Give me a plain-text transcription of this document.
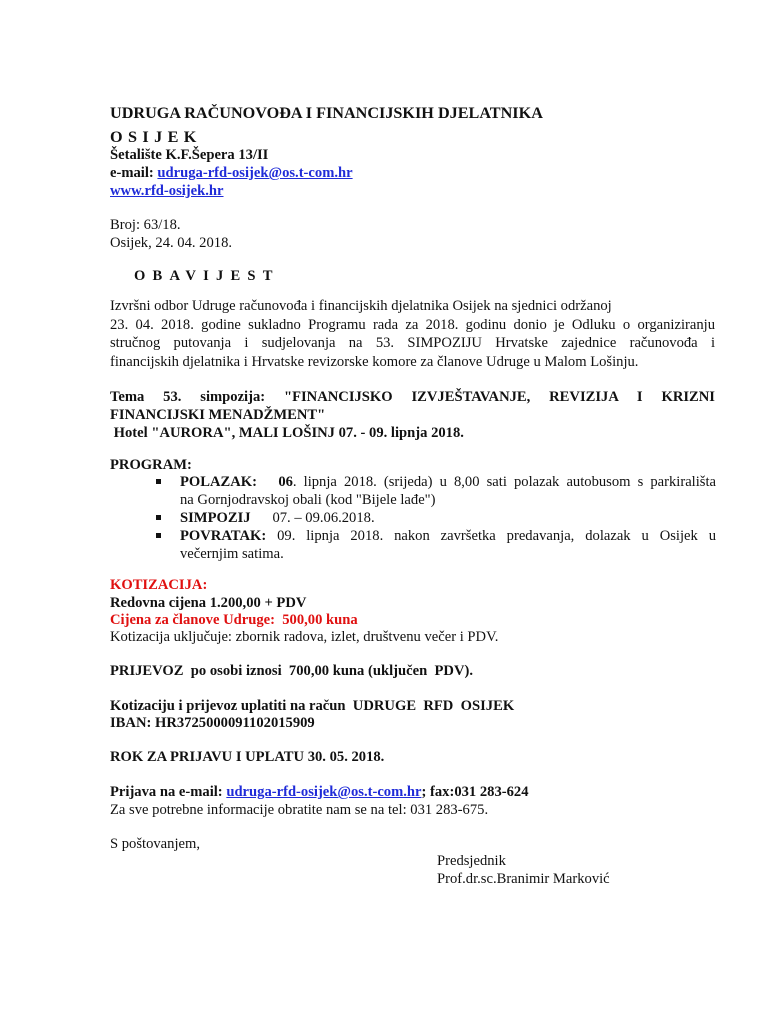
UDRUGA RAČUNOVOĐA I FINANCIJSKIH DJELATNIKA
OSIJEK
Šetalište K.F.Šepera 13/II
e-mail: udruga-rfd-osijek@os.t-com.hr
www.rfd-osijek.hr
Broj: 63/18.
Osijek, 24. 04. 2018.
OBAVIJEST
Izvršni odbor Udruge računovođa i financijskih djelatnika Osijek na sjednici održanoj
23. 04. 2018. godine sukladno Programu rada za 2018. godinu donio je Odluku o organiziranju
stručnog putovanja i sudjelovanja na 53. SIMPOZIJU Hrvatske zajednice računovođa i
financijskih djelatnika i Hrvatske revizorske komore za članove Udruge u Malom Lošinju.
Tema 53. simpozija: "FINANCIJSKO IZVJEŠTAVANJE, REVIZIJA I KRIZNI
FINANCIJSKI MENADŽMENT"
Hotel "AURORA", MALI LOŠINJ 07. - 09. lipnja 2018.
PROGRAM:
POLAZAK: 06. lipnja 2018. (srijeda) u 8,00 sati polazak autobusom s parkirališta
na Gornjodravskoj obali (kod "Bijele lađe")
SIMPOZIJ 07. – 09.06.2018.
POVRATAK: 09. lipnja 2018. nakon završetka predavanja, dolazak u Osijek u
večernjim satima.
KOTIZACIJA:
Redovna cijena 1.200,00 + PDV
Cijena za članove Udruge:  500,00 kuna
Kotizacija uključuje: zbornik radova, izlet, društvenu večer i PDV.
PRIJEVOZ  po osobi iznosi  700,00 kuna (uključen  PDV).
Kotizaciju i prijevoz uplatiti na račun  UDRUGE  RFD  OSIJEK
IBAN: HR3725000091102015909
ROK ZA PRIJAVU I UPLATU 30. 05. 2018.
Prijava na e-mail: udruga-rfd-osijek@os.t-com.hr; fax:031 283-624
Za sve potrebne informacije obratite nam se na tel: 031 283-675.
S poštovanjem,
Predsjednik
Prof.dr.sc.Branimir Marković
